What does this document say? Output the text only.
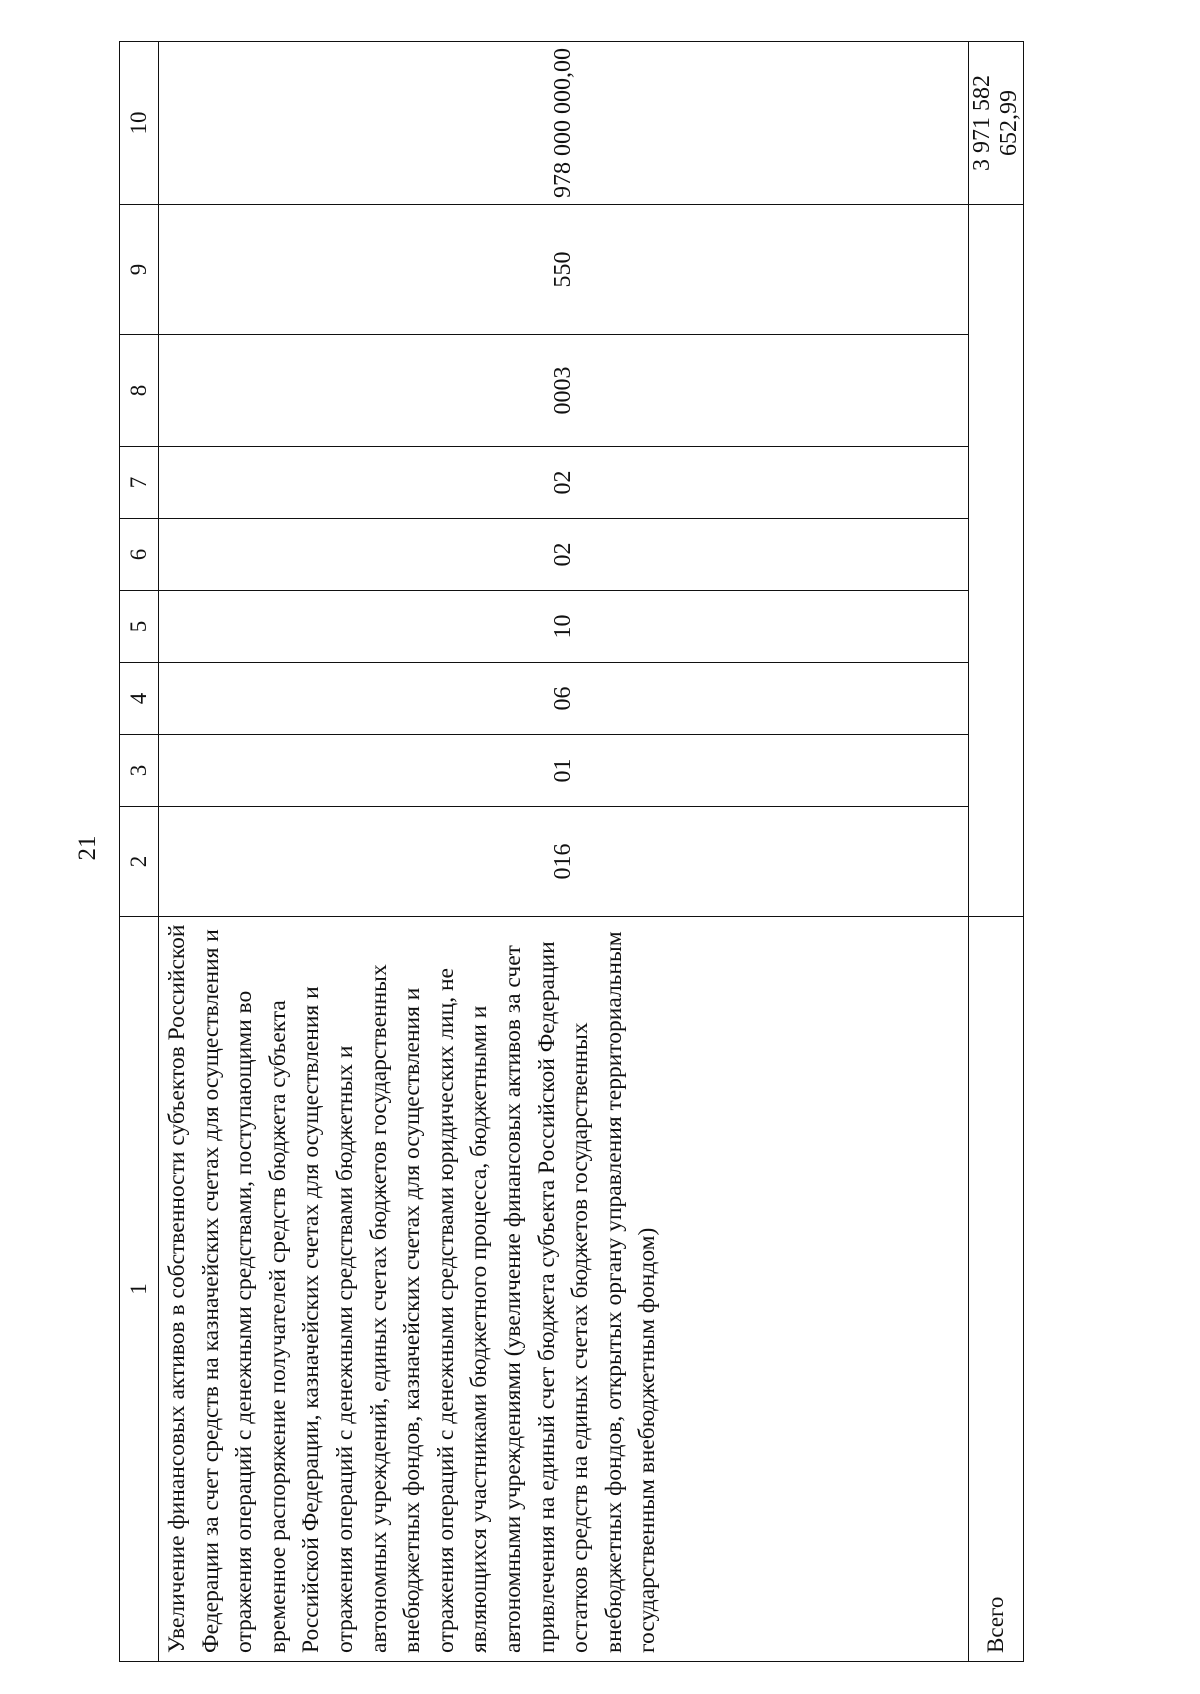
21
1	2	3	4	5	6	7	8	9	10
Увеличение финансовых активов в собственности субъектов Российской Федерации за счет средств на казначейских счетах для осуществления и отражения операций с денежными средствами, поступающими во временное распоряжение получателей средств бюджета субъекта Российской Федерации, казначейских счетах для осуществления и отражения операций с денежными средствами бюджетных и автономных учреждений, единых счетах бюджетов государственных внебюджетных фондов, казначейских счетах для осуществления и отражения операций с денежными средствами юридических лиц, не являющихся участниками бюджетного процесса, бюджетными и автономными учреждениями (увеличение финансовых активов за счет привлечения на единый счет бюджета субъекта Российской Федерации остатков средств на единых счетах бюджетов государственных внебюджетных фондов, открытых органу управления территориальным государственным внебюджетным фондом)	016	01	06	10	02	02	0003	550	978 000 000,00
Всего									3 971 582 652,99
